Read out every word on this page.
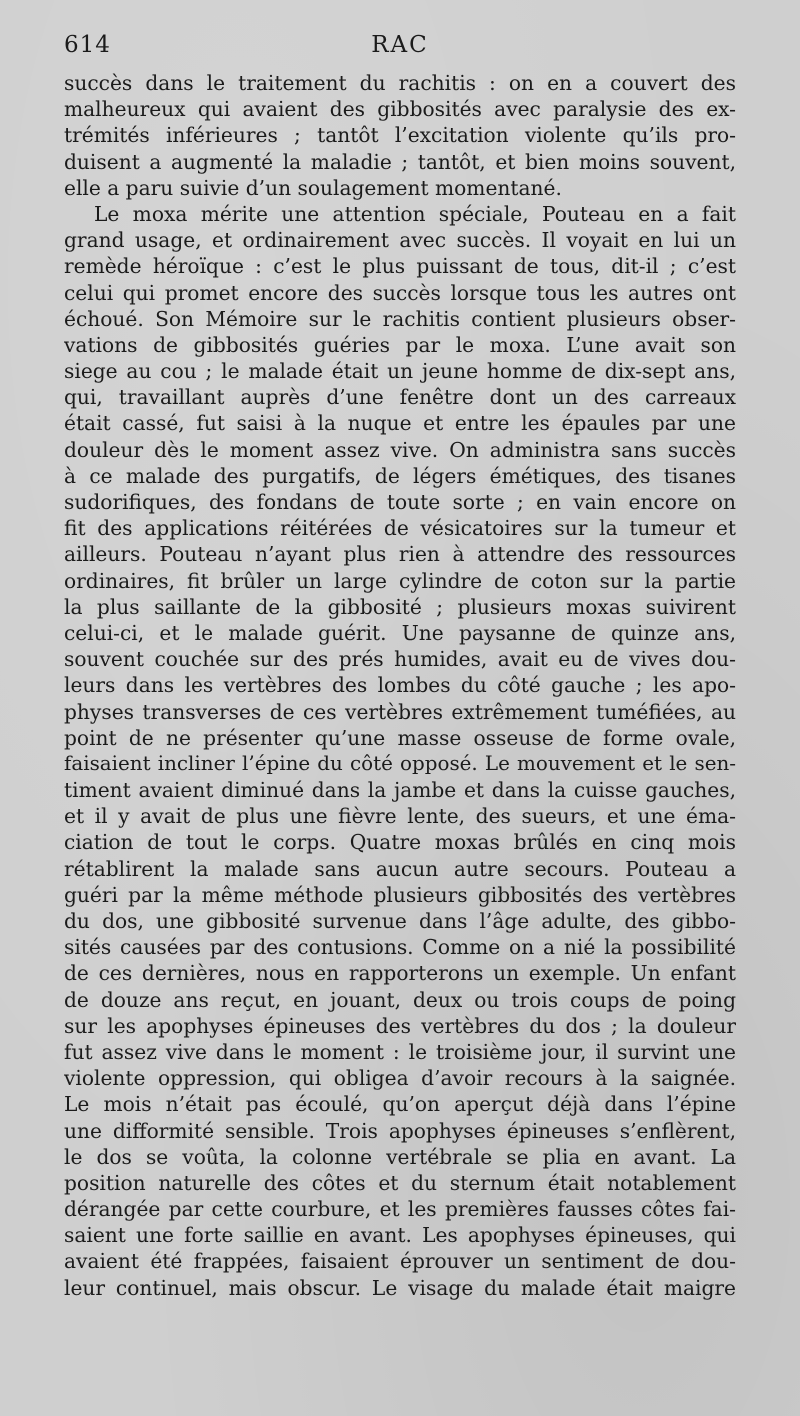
614	RAC
succès dans le traitement du rachitis : on en a couvert des
malheureux qui avaient des gibbosités avec paralysie des ex-
trémités inférieures ; tantôt l’excitation violente qu’ils pro-
duisent a augmenté la maladie ; tantôt, et bien moins souvent,
elle a paru suivie d’un soulagement momentané.
Le moxa mérite une attention spéciale, Pouteau en a fait
grand usage, et ordinairement avec succès. Il voyait en lui un
remède héroïque : c’est le plus puissant de tous, dit-il ; c’est
celui qui promet encore des succès lorsque tous les autres ont
échoué. Son Mémoire sur le rachitis contient plusieurs obser-
vations de gibbosités guéries par le moxa. L’une avait son
siege au cou ; le malade était un jeune homme de dix-sept ans,
qui, travaillant auprès d’une fenêtre dont un des carreaux
était cassé, fut saisi à la nuque et entre les épaules par une
douleur dès le moment assez vive. On administra sans succès
à ce malade des purgatifs, de légers émétiques, des tisanes
sudorifiques, des fondans de toute sorte ; en vain encore on
fit des applications réitérées de vésicatoires sur la tumeur et
ailleurs. Pouteau n’ayant plus rien à attendre des ressources
ordinaires, fit brûler un large cylindre de coton sur la partie
la plus saillante de la gibbosité ; plusieurs moxas suivirent
celui-ci, et le malade guérit. Une paysanne de quinze ans,
souvent couchée sur des prés humides, avait eu de vives dou-
leurs dans les vertèbres des lombes du côté gauche ; les apo-
physes transverses de ces vertèbres extrêmement tuméfiées, au
point de ne présenter qu’une masse osseuse de forme ovale,
faisaient incliner l’épine du côté opposé. Le mouvement et le sen-
timent avaient diminué dans la jambe et dans la cuisse gauches,
et il y avait de plus une fièvre lente, des sueurs, et une éma-
ciation de tout le corps. Quatre moxas brûlés en cinq mois
rétablirent la malade sans aucun autre secours. Pouteau a
guéri par la même méthode plusieurs gibbosités des vertèbres
du dos, une gibbosité survenue dans l’âge adulte, des gibbo-
sités causées par des contusions. Comme on a nié la possibilité
de ces dernières, nous en rapporterons un exemple. Un enfant
de douze ans reçut, en jouant, deux ou trois coups de poing
sur les apophyses épineuses des vertèbres du dos ; la douleur
fut assez vive dans le moment : le troisième jour, il survint une
violente oppression, qui obligea d’avoir recours à la saignée.
Le mois n’était pas écoulé, qu’on aperçut déjà dans l’épine
une difformité sensible. Trois apophyses épineuses s’enflèrent,
le dos se voûta, la colonne vertébrale se plia en avant. La
position naturelle des côtes et du sternum était notablement
dérangée par cette courbure, et les premières fausses côtes fai-
saient une forte saillie en avant. Les apophyses épineuses, qui
avaient été frappées, faisaient éprouver un sentiment de dou-
leur continuel, mais obscur. Le visage du malade était maigre
